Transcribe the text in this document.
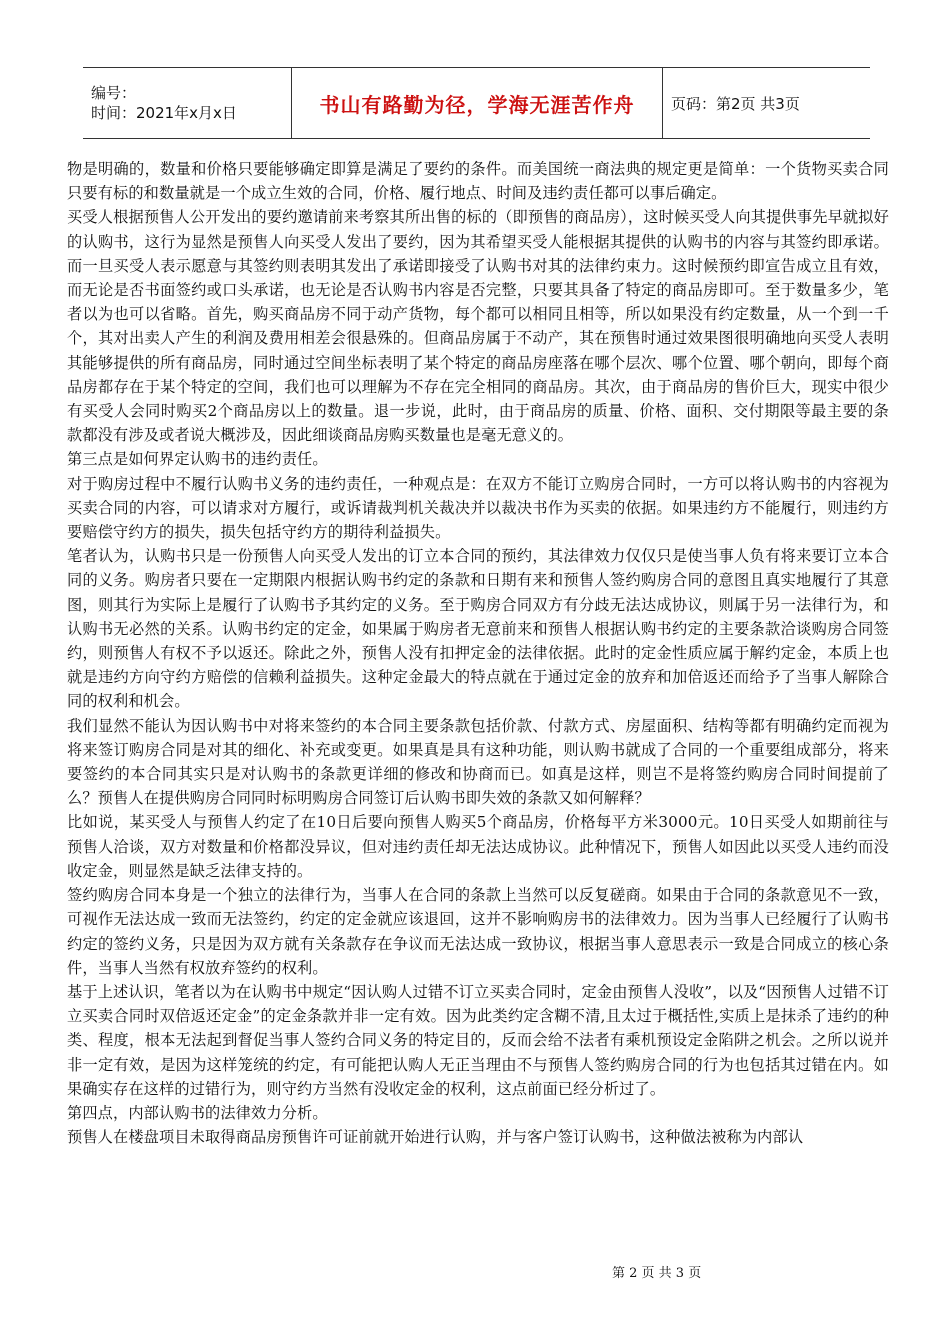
编号：
时间：2021年x月x日	书山有路勤为径，学海无涯苦作舟	页码：第2页 共3页

物是明确的，数量和价格只要能够确定即算是满足了要约的条件。而美国统一商法典的规定更是简单：一个货物买卖合同只要有标的和数量就是一个成立生效的合同，价格、履行地点、时间及违约责任都可以事后确定。

买受人根据预售人公开发出的要约邀请前来考察其所出售的标的（即预售的商品房），这时候买受人向其提供事先早就拟好的认购书，这行为显然是预售人向买受人发出了要约，因为其希望买受人能根据其提供的认购书的内容与其签约即承诺。而一旦买受人表示愿意与其签约则表明其发出了承诺即接受了认购书对其的法律约束力。这时候预约即宣告成立且有效，而无论是否书面签约或口头承诺，也无论是否认购书内容是否完整，只要其具备了特定的商品房即可。至于数量多少，笔者以为也可以省略。首先，购买商品房不同于动产货物，每个都可以相同且相等，所以如果没有约定数量，从一个到一千个，其对出卖人产生的利润及费用相差会很悬殊的。但商品房属于不动产，其在预售时通过效果图很明确地向买受人表明其能够提供的所有商品房，同时通过空间坐标表明了某个特定的商品房座落在哪个层次、哪个位置、哪个朝向，即每个商品房都存在于某个特定的空间，我们也可以理解为不存在完全相同的商品房。其次，由于商品房的售价巨大，现实中很少有买受人会同时购买2个商品房以上的数量。退一步说，此时，由于商品房的质量、价格、面积、交付期限等最主要的条款都没有涉及或者说大概涉及，因此细谈商品房购买数量也是毫无意义的。

第三点是如何界定认购书的违约责任。

对于购房过程中不履行认购书义务的违约责任，一种观点是：在双方不能订立购房合同时，一方可以将认购书的内容视为买卖合同的内容，可以请求对方履行，或诉请裁判机关裁决并以裁决书作为买卖的依据。如果违约方不能履行，则违约方要赔偿守约方的损失，损失包括守约方的期待利益损失。

笔者认为，认购书只是一份预售人向买受人发出的订立本合同的预约，其法律效力仅仅只是使当事人负有将来要订立本合同的义务。购房者只要在一定期限内根据认购书约定的条款和日期有来和预售人签约购房合同的意图且真实地履行了其意图，则其行为实际上是履行了认购书予其约定的义务。至于购房合同双方有分歧无法达成协议，则属于另一法律行为，和认购书无必然的关系。认购书约定的定金，如果属于购房者无意前来和预售人根据认购书约定的主要条款洽谈购房合同签约，则预售人有权不予以返还。除此之外，预售人没有扣押定金的法律依据。此时的定金性质应属于解约定金，本质上也就是违约方向守约方赔偿的信赖利益损失。这种定金最大的特点就在于通过定金的放弃和加倍返还而给予了当事人解除合同的权利和机会。

我们显然不能认为因认购书中对将来签约的本合同主要条款包括价款、付款方式、房屋面积、结构等都有明确约定而视为将来签订购房合同是对其的细化、补充或变更。如果真是具有这种功能，则认购书就成了合同的一个重要组成部分，将来要签约的本合同其实只是对认购书的条款更详细的修改和协商而已。如真是这样，则岂不是将签约购房合同时间提前了么？预售人在提供购房合同同时标明购房合同签订后认购书即失效的条款又如何解释？

比如说，某买受人与预售人约定了在10日后要向预售人购买5个商品房，价格每平方米3000元。10日买受人如期前往与预售人洽谈，双方对数量和价格都没异议，但对违约责任却无法达成协议。此种情况下，预售人如因此以买受人违约而没收定金，则显然是缺乏法律支持的。

签约购房合同本身是一个独立的法律行为，当事人在合同的条款上当然可以反复磋商。如果由于合同的条款意见不一致，可视作无法达成一致而无法签约，约定的定金就应该退回，这并不影响购房书的法律效力。因为当事人已经履行了认购书约定的签约义务，只是因为双方就有关条款存在争议而无法达成一致协议，根据当事人意思表示一致是合同成立的核心条件，当事人当然有权放弃签约的权利。

基于上述认识，笔者以为在认购书中规定“因认购人过错不订立买卖合同时，定金由预售人没收”，以及“因预售人过错不订立买卖合同时双倍返还定金”的定金条款并非一定有效。因为此类约定含糊不清,且太过于概括性,实质上是抹杀了违约的种类、程度，根本无法起到督促当事人签约合同义务的特定目的，反而会给不法者有乘机预设定金陷阱之机会。之所以说并非一定有效，是因为这样笼统的约定，有可能把认购人无正当理由不与预售人签约购房合同的行为也包括其过错在内。如果确实存在这样的过错行为，则守约方当然有没收定金的权利，这点前面已经分析过了。

第四点，内部认购书的法律效力分析。

预售人在楼盘项目未取得商品房预售许可证前就开始进行认购，并与客户签订认购书，这种做法被称为内部认

第 2 页 共 3 页
